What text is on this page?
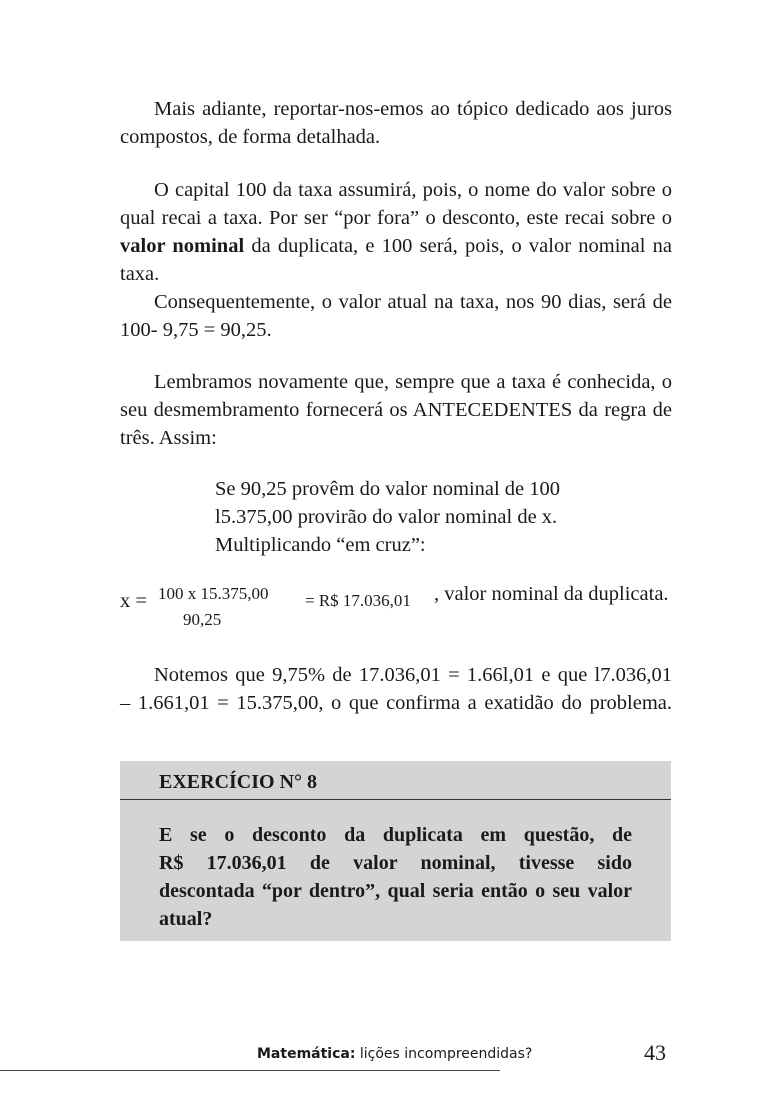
Mais adiante, reportar-nos-emos ao tópico dedicado aos juros
compostos, de forma detalhada.
O capital 100 da taxa assumirá, pois, o nome do valor sobre o
qual recai a taxa. Por ser “por fora” o desconto, este recai sobre o
valor nominal da duplicata, e 100 será, pois, o valor nominal na
taxa.
Consequentemente, o valor atual na taxa, nos 90 dias, será de
100- 9,75 = 90,25.
Lembramos novamente que, sempre que a taxa é conhecida, o
seu desmembramento fornecerá os ANTECEDENTES da regra de
três. Assim:
Se 90,25 provêm do valor nominal de 100
l5.375,00 provirão do valor nominal de x.
Multiplicando “em cruz”:
x = 100 x 15.375,00
90,25
= R$ 17.036,01 , valor nominal da duplicata.
Notemos que 9,75% de 17.036,01 = 1.66l,01 e que l7.036,01
– 1.661,01 = 15.375,00, o que confirma a exatidão do problema.
EXERCÍCIO N° 8
E se o desconto da duplicata em questão, de
R$ 17.036,01 de valor nominal, tivesse sido
descontada “por dentro”, qual seria então o seu valor
atual?
Matemática: lições incompreendidas?	43
